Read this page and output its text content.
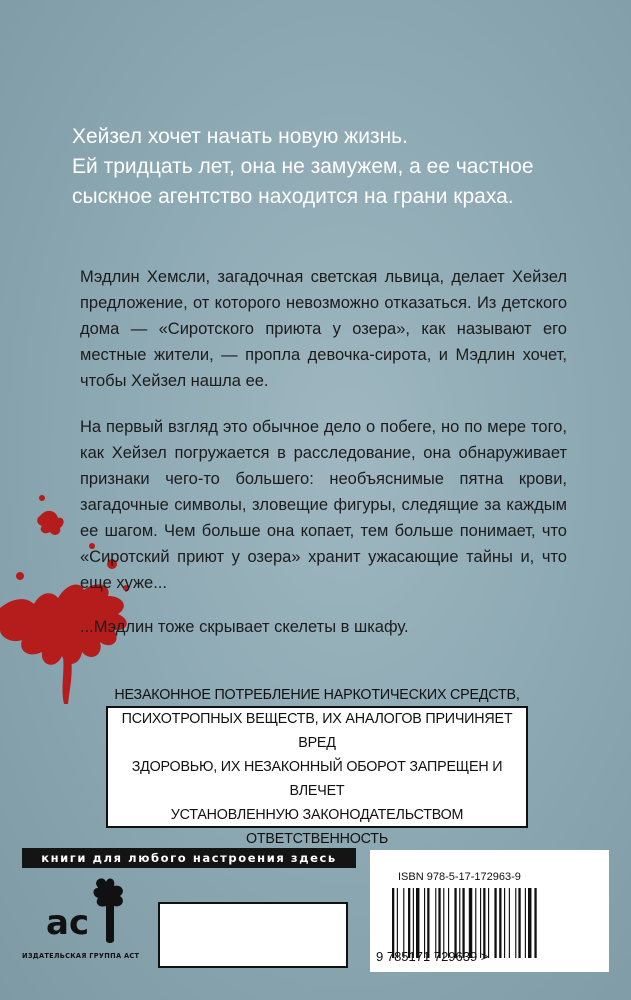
Хейзел хочет начать новую жизнь.
Ей тридцать лет, она не замужем, а ее частное
сыскное агентство находится на грани краха.

Мэдлин Хемсли, загадочная светская львица, делает Хейзел предложение, от которого невозможно отказаться. Из детского дома — «Сиротского приюта у озера», как называют его местные жители, — пропла девочка-сирота, и Мэдлин хочет, чтобы Хейзел нашла ее.

На первый взгляд это обычное дело о побеге, но по мере того, как Хейзел погружается в расследование, она обнаруживает признаки чего-то большего: необъяснимые пятна крови, загадочные символы, зловещие фигуры, следящие за каждым ее шагом. Чем больше она копает, тем больше понимает, что «Сиротский приют у озера» хранит ужасающие тайны и, что еще хуже...

...Мэдлин тоже скрывает скелеты в шкафу.

НЕЗАКОННОЕ ПОТРЕБЛЕНИЕ НАРКОТИЧЕСКИХ СРЕДСТВ,
ПСИХОТРОПНЫХ ВЕЩЕСТВ, ИХ АНАЛОГОВ ПРИЧИНЯЕТ ВРЕД
ЗДОРОВЬЮ, ИХ НЕЗАКОННЫЙ ОБОРОТ ЗАПРЕЩЕН И ВЛЕЧЕТ
УСТАНОВЛЕННУЮ ЗАКОНОДАТЕЛЬСТВОМ ОТВЕТСТВЕННОСТЬ
книги для любого настроения здесь
ac
ИЗДАТЕЛЬСКАЯ ГРУППА АСТ
ISBN 978-5-17-172963-9
9 785171 729639 >
